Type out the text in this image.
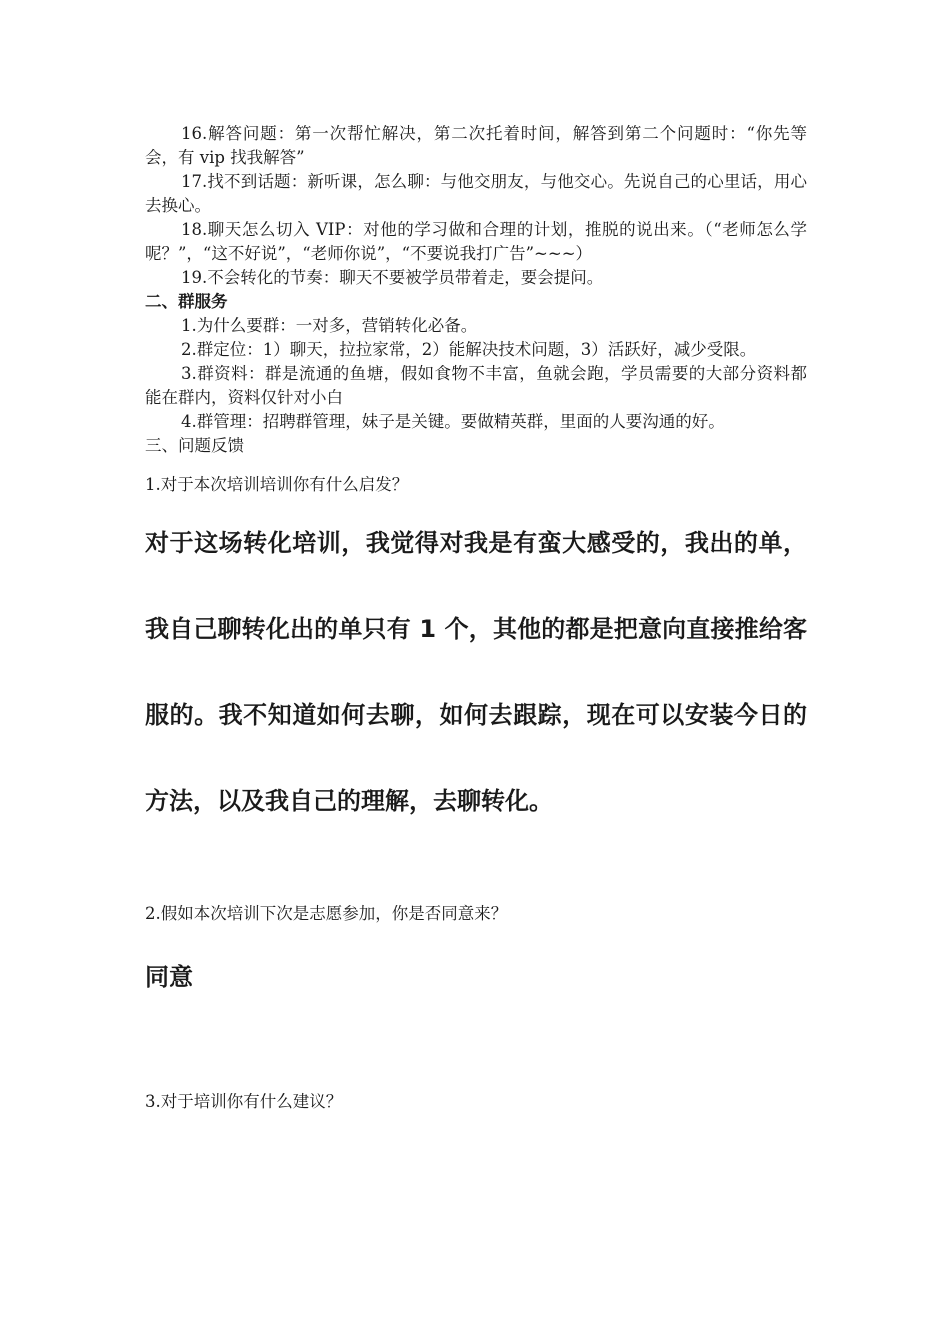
16.解答问题：第一次帮忙解决，第二次托着时间，解答到第二个问题时：“你先等会，有 vip 找我解答”

17.找不到话题：新听课，怎么聊：与他交朋友，与他交心。先说自己的心里话，用心去换心。

18.聊天怎么切入 VIP：对他的学习做和合理的计划，推脱的说出来。（“老师怎么学呢？”，“这不好说”，“老师你说”，“不要说我打广告”~~~）

19.不会转化的节奏：聊天不要被学员带着走，要会提问。

二、群服务

1.为什么要群：一对多，营销转化必备。

2.群定位：1）聊天，拉拉家常，2）能解决技术问题，3）活跃好，减少受限。

3.群资料：群是流通的鱼塘，假如食物不丰富，鱼就会跑，学员需要的大部分资料都能在群内，资料仅针对小白

4.群管理：招聘群管理，妹子是关键。要做精英群，里面的人要沟通的好。

三、问题反馈

1.对于本次培训培训你有什么启发？

对于这场转化培训，我觉得对我是有蛮大感受的，我出的单，我自己聊转化出的单只有 1 个，其他的都是把意向直接推给客服的。我不知道如何去聊，如何去跟踪，现在可以安装今日的方法，以及我自己的理解，去聊转化。

2.假如本次培训下次是志愿参加，你是否同意来？

同意

3.对于培训你有什么建议？
